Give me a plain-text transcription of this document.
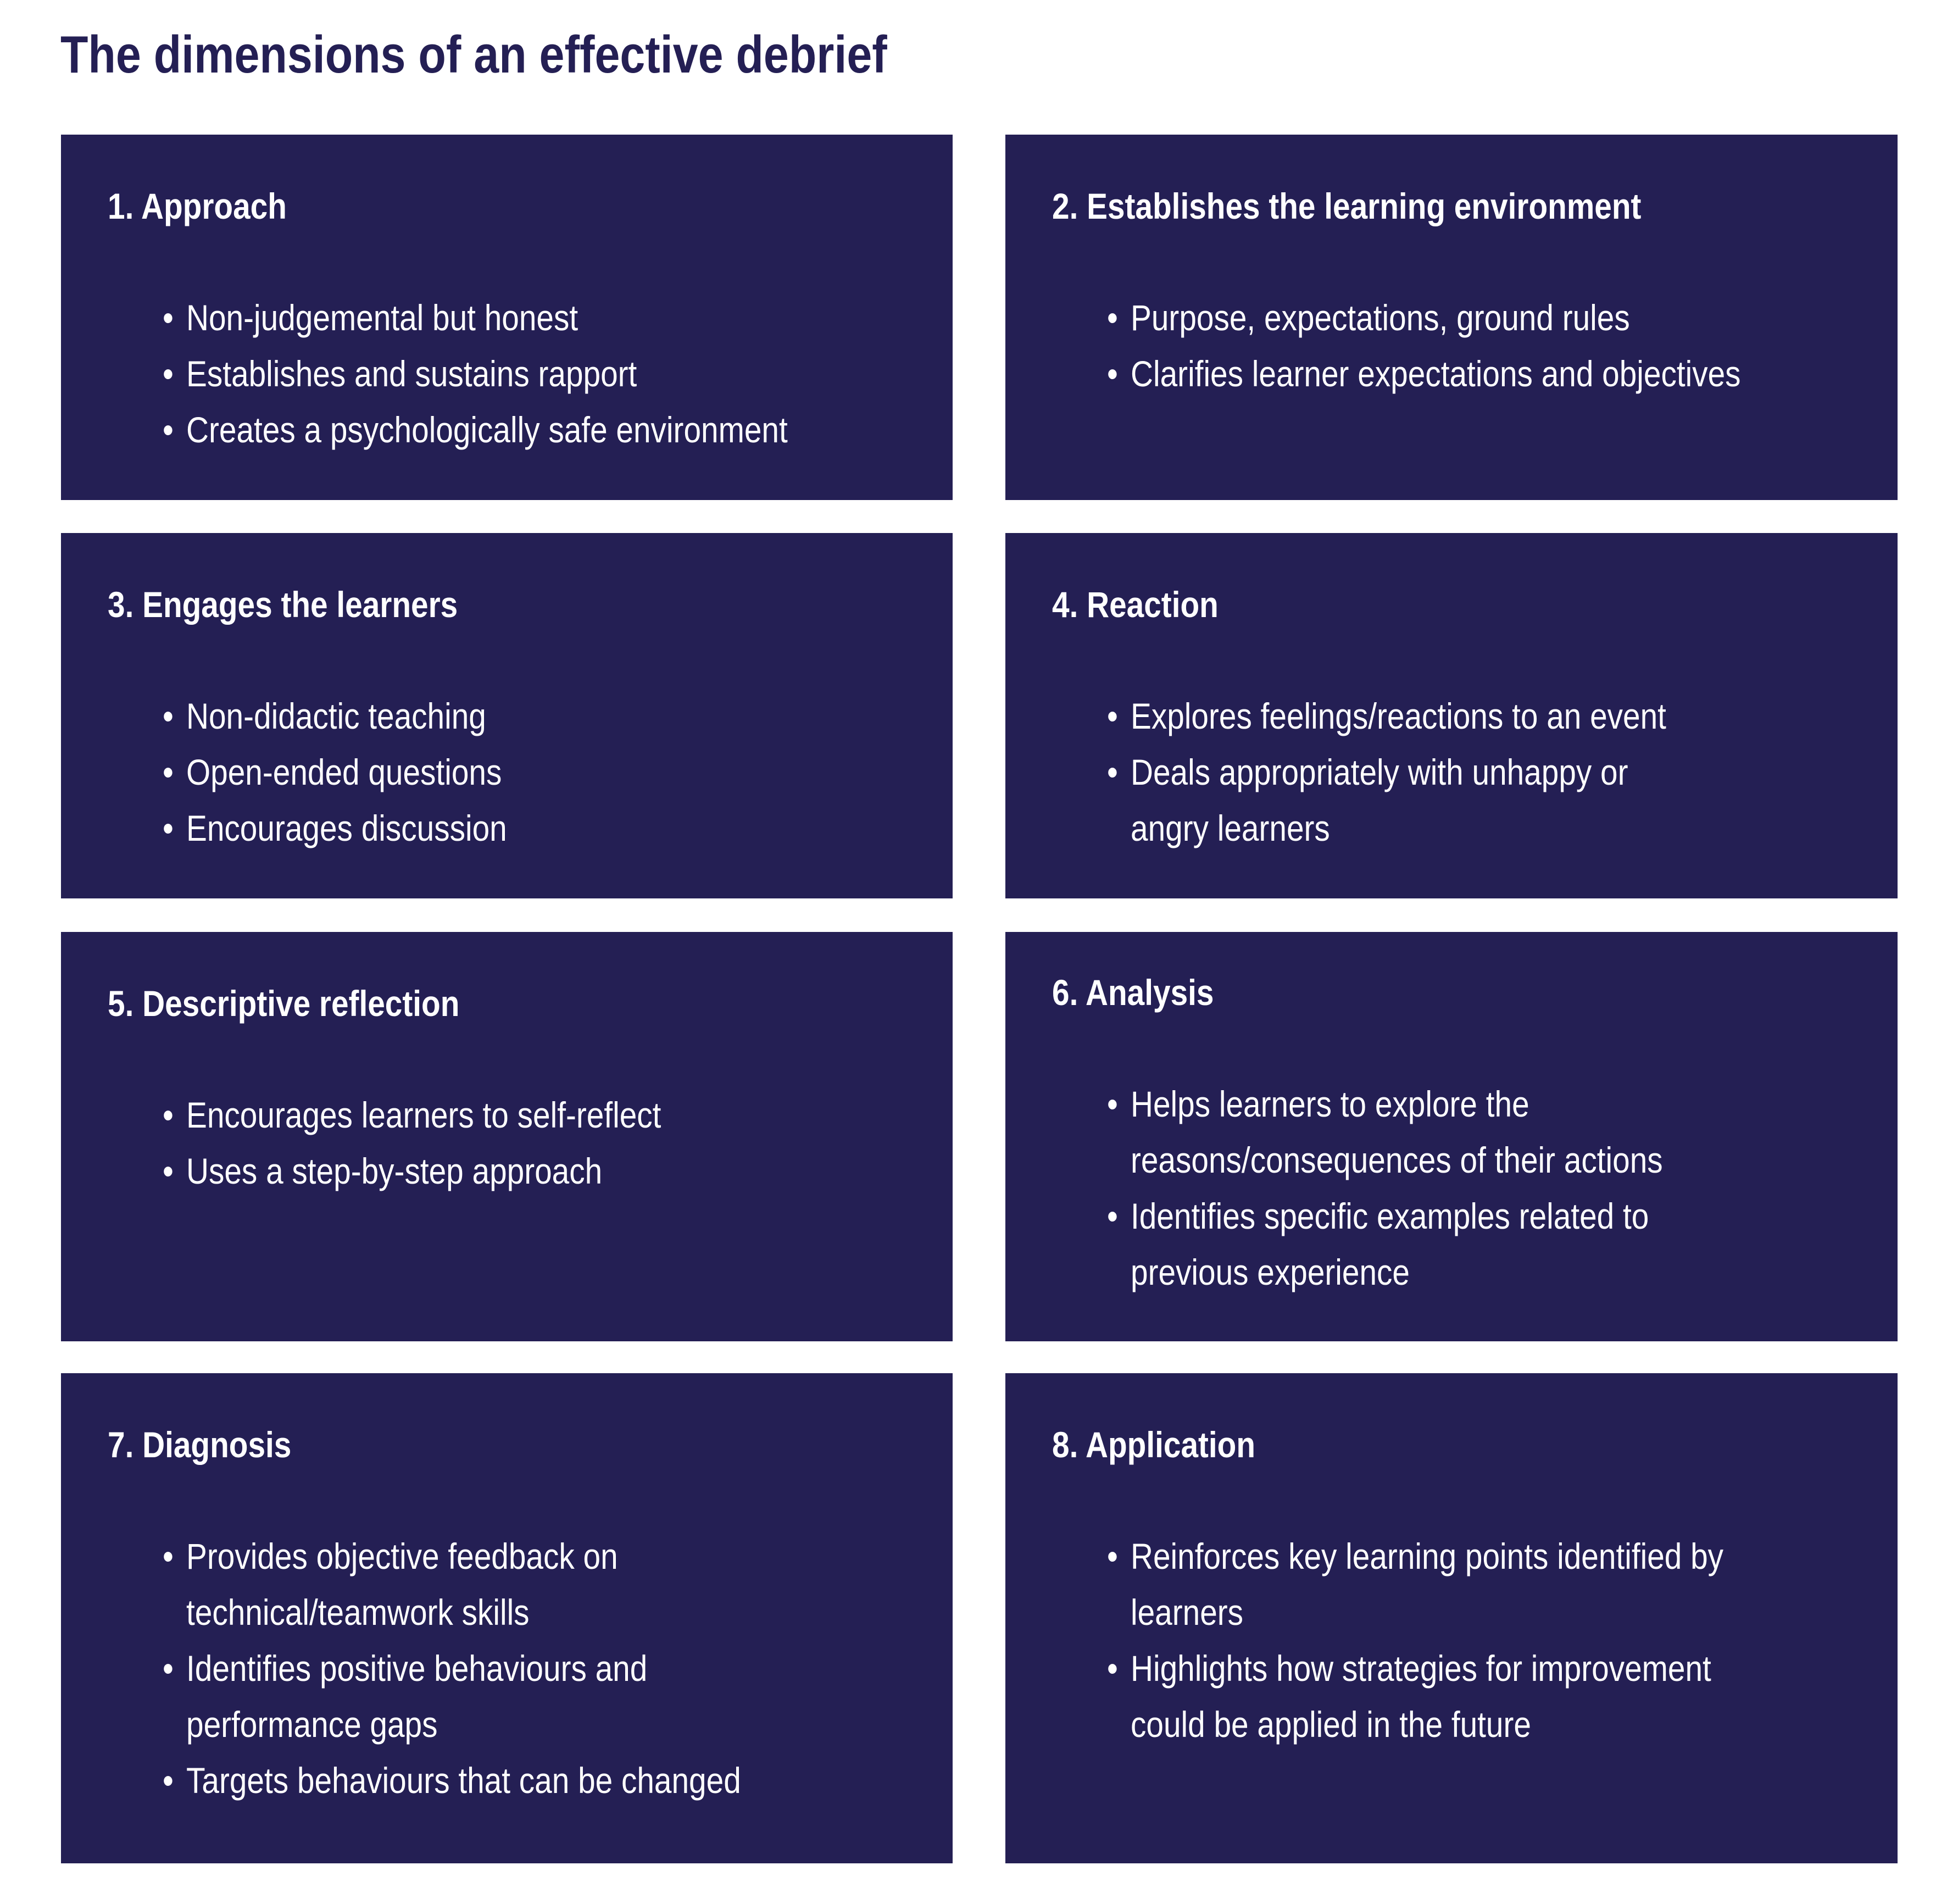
The dimensions of an effective debrief
1. Approach
• Non-judgemental but honest
• Establishes and sustains rapport
• Creates a psychologically safe environment
2. Establishes the learning environment
• Purpose, expectations, ground rules
• Clarifies learner expectations and objectives
3. Engages the learners
• Non-didactic teaching
• Open-ended questions
• Encourages discussion
4. Reaction
• Explores feelings/reactions to an event
• Deals appropriately with unhappy or
angry learners
5. Descriptive reflection
• Encourages learners to self-reflect
• Uses a step-by-step approach
6. Analysis
• Helps learners to explore the
reasons/consequences of their actions
• Identifies specific examples related to
previous experience
7. Diagnosis
• Provides objective feedback on
technical/teamwork skills
• Identifies positive behaviours and
performance gaps
• Targets behaviours that can be changed
8. Application
• Reinforces key learning points identified by
learners
• Highlights how strategies for improvement
could be applied in the future
